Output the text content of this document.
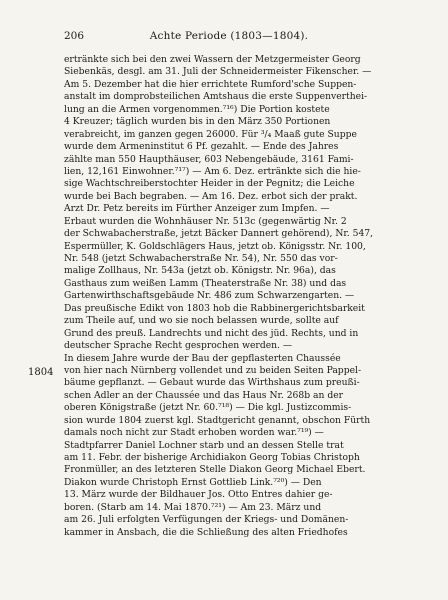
206	Achte Periode (1803—1804).
1804
ertränkte sich bei den zwei Wassern der Metzgermeister Georg
Siebenkäs, desgl. am 31. Juli der Schneidermeister Fikenscher. —
Am 5. Dezember hat die hier errichtete Rumford'sche Suppen-
anstalt im domprobsteilichen Amtshaus die erste Suppenverthei-
lung an die Armen vorgenommen.⁷¹⁶) Die Portion kostete
4 Kreuzer; täglich wurden bis in den März 350 Portionen
verabreicht, im ganzen gegen 26000. Für ³/₄ Maaß gute Suppe
wurde dem Armeninstitut 6 Pf. gezahlt. — Ende des Jahres
zählte man 550 Haupthäuser, 603 Nebengebäude, 3161 Fami-
lien, 12,161 Einwohner.⁷¹⁷) — Am 6. Dez. ertränkte sich die hie-
sige Wachtschreiberstochter Heider in der Pegnitz; die Leiche
wurde bei Bach begraben. — Am 16. Dez. erbot sich der prakt.
Arzt Dr. Petz bereits im Fürther Anzeiger zum Impfen. —
Erbaut wurden die Wohnhäuser Nr. 513c (gegenwärtig Nr. 2
der Schwabacherstraße, jetzt Bäcker Dannert gehörend), Nr. 547,
Espermüller, K. Goldschlägers Haus, jetzt ob. Königsstr. Nr. 100,
Nr. 548 (jetzt Schwabacherstraße Nr. 54), Nr. 550 das vor-
malige Zollhaus, Nr. 543a (jetzt ob. Königstr. Nr. 96a), das
Gasthaus zum weißen Lamm (Theaterstraße Nr. 38) und das
Gartenwirthschaftsgebäude Nr. 486 zum Schwarzengarten. —
Das preußische Edikt von 1803 hob die Rabbinergerichtsbarkeit
zum Theile auf, und wo sie noch belassen wurde, sollte auf
Grund des preuß. Landrechts und nicht des jüd. Rechts, und in
deutscher Sprache Recht gesprochen werden. —
In diesem Jahre wurde der Bau der gepflasterten Chaussée
von hier nach Nürnberg vollendet und zu beiden Seiten Pappel-
bäume gepflanzt. — Gebaut wurde das Wirthshaus zum preußi-
schen Adler an der Chaussée und das Haus Nr. 268b an der
oberen Königstraße (jetzt Nr. 60.⁷¹⁸) — Die kgl. Justizcommis-
sion wurde 1804 zuerst kgl. Stadtgericht genannt, obschon Fürth
damals noch nicht zur Stadt erhoben worden war.⁷¹⁹) —
Stadtpfarrer Daniel Lochner starb und an dessen Stelle trat
am 11. Febr. der bisherige Archidiakon Georg Tobias Christoph
Fronmüller, an des letzteren Stelle Diakon Georg Michael Ebert.
Diakon wurde Christoph Ernst Gottlieb Link.⁷²⁰) — Den
13. März wurde der Bildhauer Jos. Otto Entres dahier ge-
boren. (Starb am 14. Mai 1870.⁷²¹) — Am 23. März und
am 26. Juli erfolgten Verfügungen der Kriegs- und Domänen-
kammer in Ansbach, die die Schließung des alten Friedhofes
